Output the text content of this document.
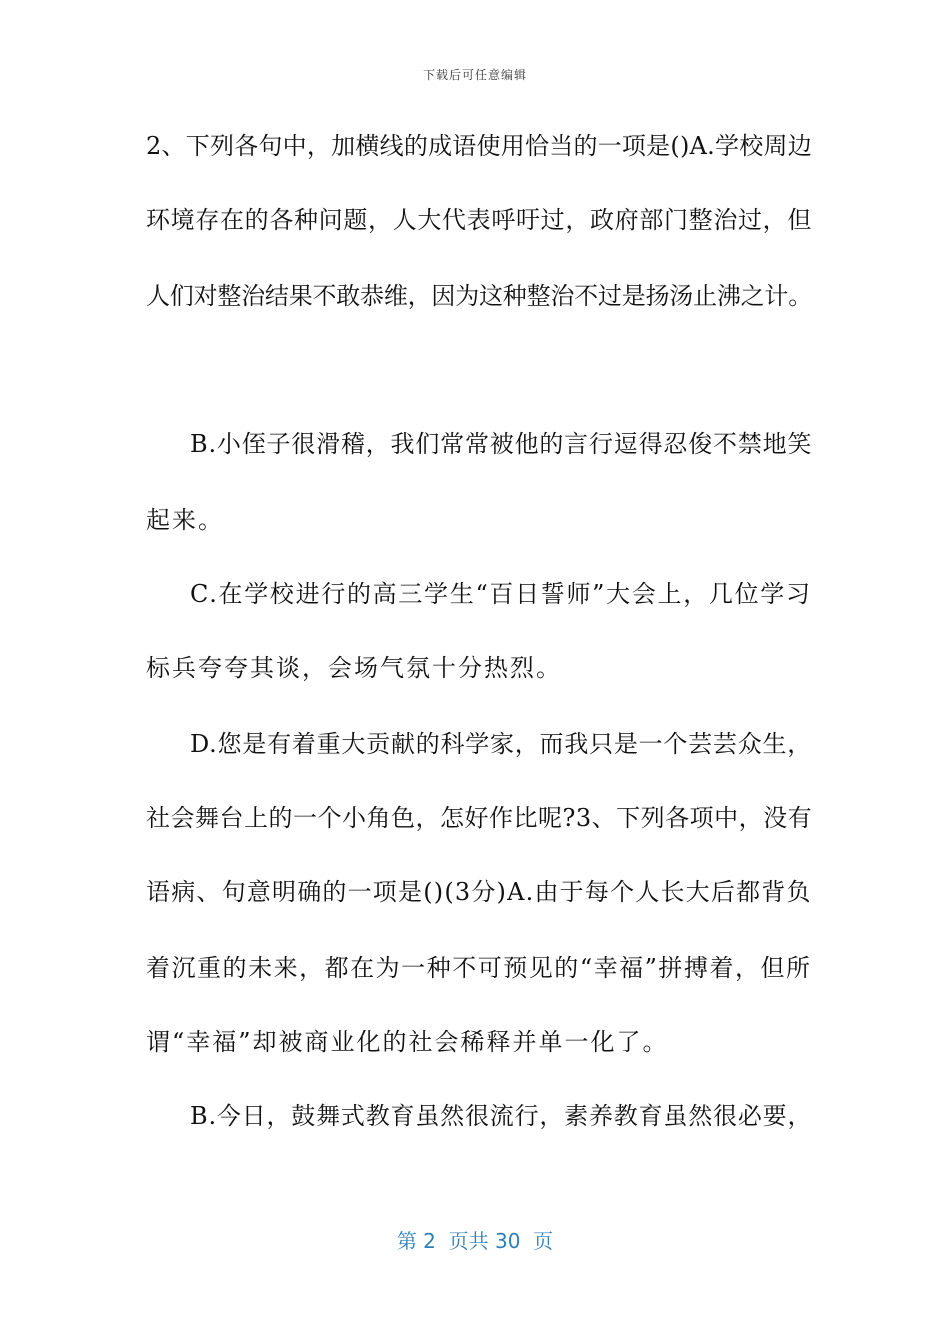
下载后可任意编辑
2、下列各句中，加横线的成语使用恰当的一项是()A.学校周边
环境存在的各种问题，人大代表呼吁过，政府部门整治过，但
人们对整治结果不敢恭维，因为这种整治不过是扬汤止沸之计。
B.小侄子很滑稽，我们常常被他的言行逗得忍俊不禁地笑
起来。
C.在学校进行的高三学生“百日誓师”大会上，几位学习
标兵夸夸其谈，会场气氛十分热烈。
D.您是有着重大贡献的科学家，而我只是一个芸芸众生，
社会舞台上的一个小角色，怎好作比呢?3、下列各项中，没有
语病、句意明确的一项是()(3分)A.由于每个人长大后都背负
着沉重的未来，都在为一种不可预见的“幸福”拼搏着，但所
谓“幸福”却被商业化的社会稀释并单一化了。
B.今日，鼓舞式教育虽然很流行，素养教育虽然很必要，
第 2  页共 30  页
